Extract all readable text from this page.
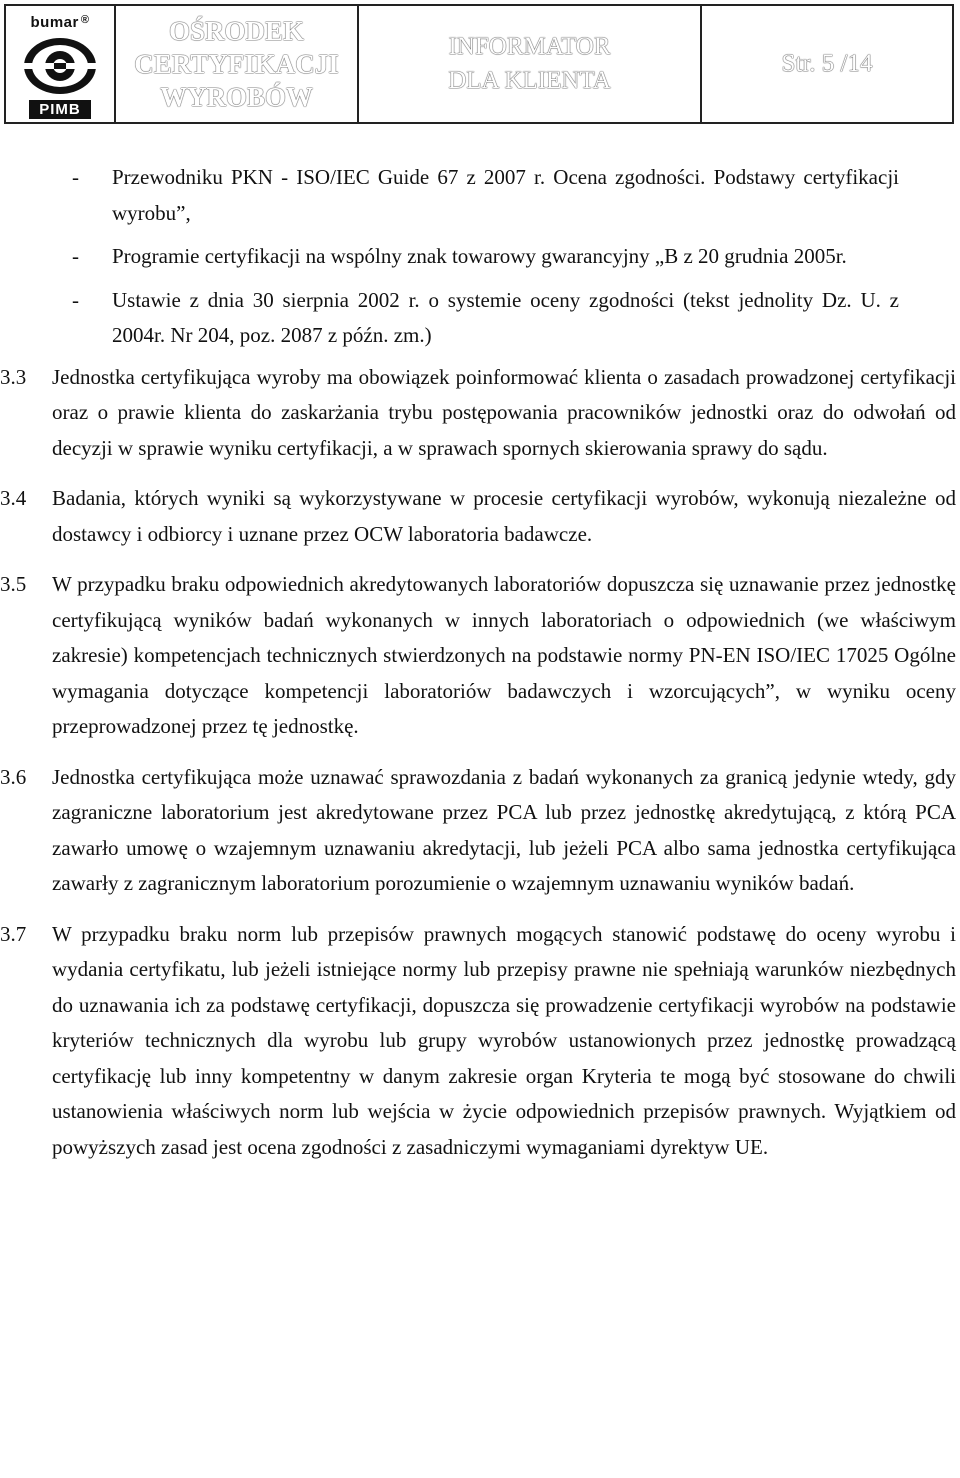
bumar ®
PIMB
OŚRODEK
CERTYFIKACJI
WYROBÓW
INFORMATOR
DLA KLIENTA
Str. 5 /14
- Przewodniku PKN - ISO/IEC Guide 67 z 2007 r. Ocena zgodności. Podstawy certyfikacji wyrobu”,
- Programie certyfikacji na wspólny znak towarowy gwarancyjny „B z 20 grudnia 2005r.
- Ustawie z dnia 30 sierpnia 2002 r. o systemie oceny zgodności (tekst jednolity Dz. U. z 2004r. Nr 204, poz. 2087 z późn. zm.)

3.3 Jednostka certyfikująca wyroby ma obowiązek poinformować klienta o zasadach prowadzonej certyfikacji oraz o prawie klienta do zaskarżania trybu postępowania pracowników jednostki oraz do odwołań od decyzji w sprawie wyniku certyfikacji, a w sprawach spornych skierowania sprawy do sądu.

3.4 Badania, których wyniki są wykorzystywane w procesie certyfikacji wyrobów, wykonują niezależne od dostawcy i odbiorcy i uznane przez OCW laboratoria badawcze.

3.5 W przypadku braku odpowiednich akredytowanych laboratoriów dopuszcza się uznawanie przez jednostkę certyfikującą wyników badań wykonanych w innych laboratoriach o odpowiednich (we właściwym zakresie) kompetencjach technicznych stwierdzonych na podstawie normy PN-EN ISO/IEC 17025 Ogólne wymagania dotyczące kompetencji laboratoriów badawczych i wzorcujących”, w wyniku oceny przeprowadzonej przez tę jednostkę.

3.6 Jednostka certyfikująca może uznawać sprawozdania z badań wykonanych za granicą jedynie wtedy, gdy zagraniczne laboratorium jest akredytowane przez PCA lub przez jednostkę akredytującą, z którą PCA zawarło umowę o wzajemnym uznawaniu akredytacji, lub jeżeli PCA albo sama jednostka certyfikująca zawarły z zagranicznym laboratorium porozumienie o wzajemnym uznawaniu wyników badań.

3.7 W przypadku braku norm lub przepisów prawnych mogących stanowić podstawę do oceny wyrobu i wydania certyfikatu, lub jeżeli istniejące normy lub przepisy prawne nie spełniają warunków niezbędnych do uznawania ich za podstawę certyfikacji, dopuszcza się prowadzenie certyfikacji wyrobów na podstawie kryteriów technicznych dla wyrobu lub grupy wyrobów ustanowionych przez jednostkę prowadzącą certyfikację lub inny kompetentny w danym zakresie organ Kryteria te mogą być stosowane do chwili ustanowienia właściwych norm lub wejścia w życie odpowiednich przepisów prawnych. Wyjątkiem od powyższych zasad jest ocena zgodności z zasadniczymi wymaganiami dyrektyw UE.
